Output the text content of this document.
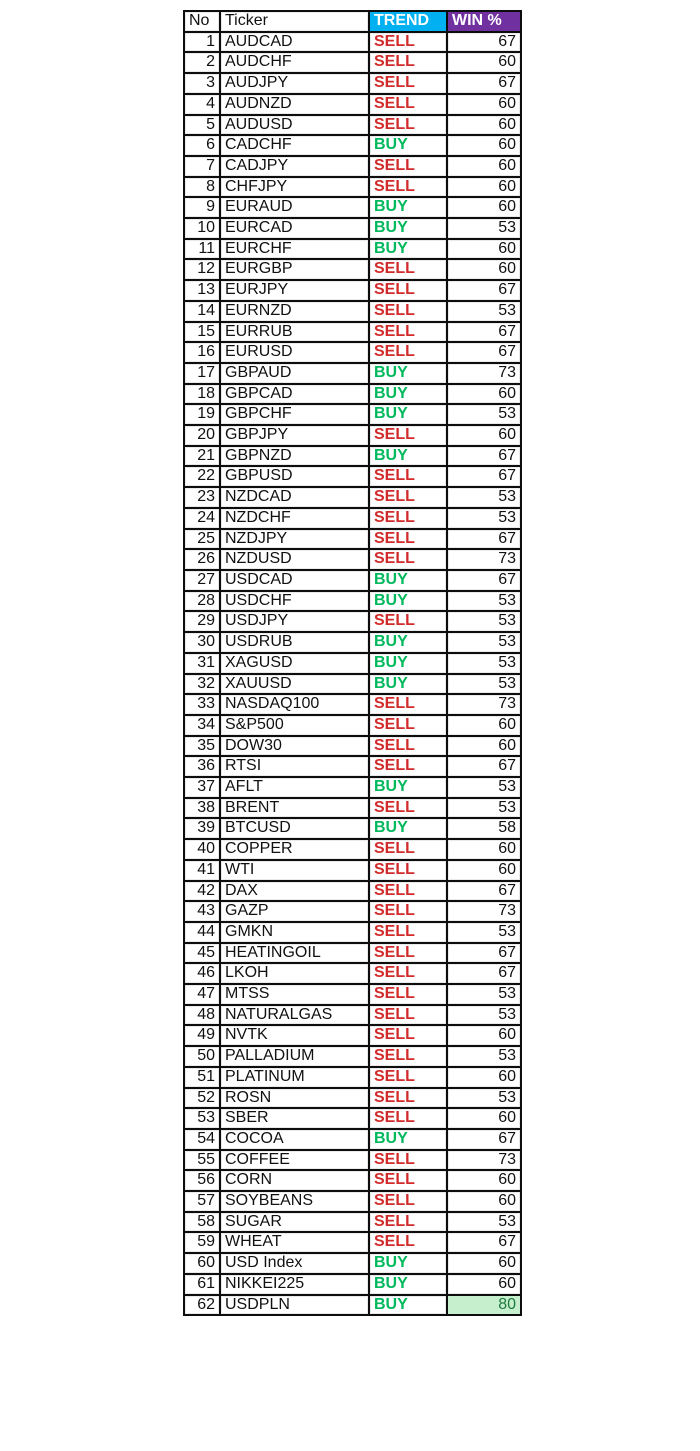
No	Ticker	TREND	WIN %
1	AUDCAD	SELL	67
2	AUDCHF	SELL	60
3	AUDJPY	SELL	67
4	AUDNZD	SELL	60
5	AUDUSD	SELL	60
6	CADCHF	BUY	60
7	CADJPY	SELL	60
8	CHFJPY	SELL	60
9	EURAUD	BUY	60
10	EURCAD	BUY	53
11	EURCHF	BUY	60
12	EURGBP	SELL	60
13	EURJPY	SELL	67
14	EURNZD	SELL	53
15	EURRUB	SELL	67
16	EURUSD	SELL	67
17	GBPAUD	BUY	73
18	GBPCAD	BUY	60
19	GBPCHF	BUY	53
20	GBPJPY	SELL	60
21	GBPNZD	BUY	67
22	GBPUSD	SELL	67
23	NZDCAD	SELL	53
24	NZDCHF	SELL	53
25	NZDJPY	SELL	67
26	NZDUSD	SELL	73
27	USDCAD	BUY	67
28	USDCHF	BUY	53
29	USDJPY	SELL	53
30	USDRUB	BUY	53
31	XAGUSD	BUY	53
32	XAUUSD	BUY	53
33	NASDAQ100	SELL	73
34	S&P500	SELL	60
35	DOW30	SELL	60
36	RTSI	SELL	67
37	AFLT	BUY	53
38	BRENT	SELL	53
39	BTCUSD	BUY	58
40	COPPER	SELL	60
41	WTI	SELL	60
42	DAX	SELL	67
43	GAZP	SELL	73
44	GMKN	SELL	53
45	HEATINGOIL	SELL	67
46	LKOH	SELL	67
47	MTSS	SELL	53
48	NATURALGAS	SELL	53
49	NVTK	SELL	60
50	PALLADIUM	SELL	53
51	PLATINUM	SELL	60
52	ROSN	SELL	53
53	SBER	SELL	60
54	COCOA	BUY	67
55	COFFEE	SELL	73
56	CORN	SELL	60
57	SOYBEANS	SELL	60
58	SUGAR	SELL	53
59	WHEAT	SELL	67
60	USD Index	BUY	60
61	NIKKEI225	BUY	60
62	USDPLN	BUY	80
